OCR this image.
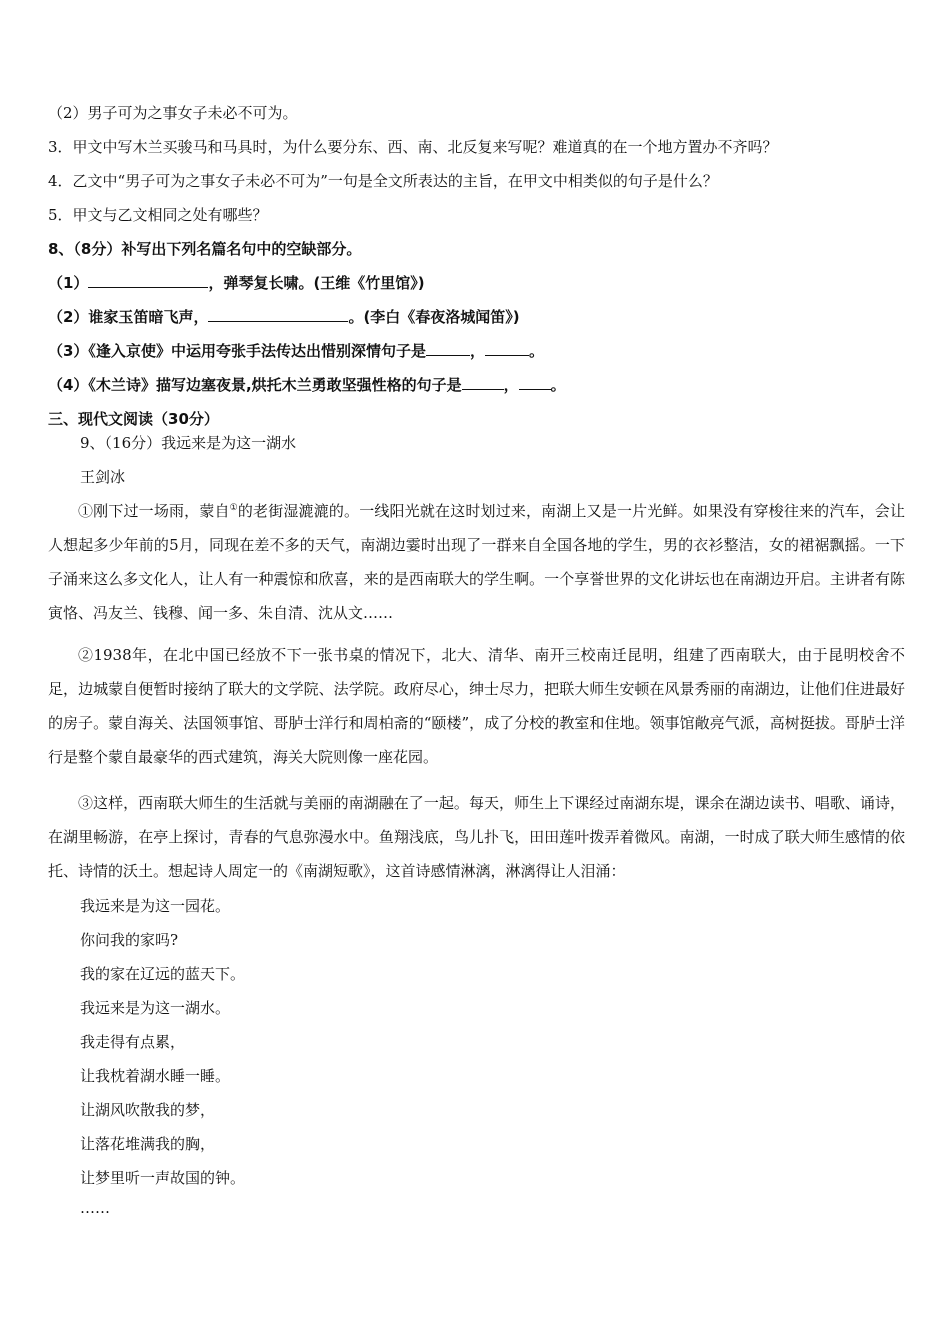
（2）男子可为之事女子未必不可为。
3．甲文中写木兰买骏马和马具时，为什么要分东、西、南、北反复来写呢？难道真的在一个地方置办不齐吗？
4．乙文中“男子可为之事女子未必不可为”一句是全文所表达的主旨，在甲文中相类似的句子是什么？
5．甲文与乙文相同之处有哪些？
8、（8分）补写出下列名篇名句中的空缺部分。
（1）	，弹琴复长啸。(王维《竹里馆》)
（2）谁家玉笛暗飞声，	。(李白《春夜洛城闻笛》)
（3）《逢入京使》中运用夸张手法传达出惜别深情句子是	，	。
（4）《木兰诗》描写边塞夜景,烘托木兰勇敢坚强性格的句子是	， 。
三、现代文阅读（30分）
9、（16分）我远来是为这一湖水
王剑冰
①刚下过一场雨，蒙自①的老街湿漉漉的。一线阳光就在这时划过来，南湖上又是一片光鲜。如果没有穿梭往来的汽车，会让人想起多少年前的5月，同现在差不多的天气，南湖边霎时出现了一群来自全国各地的学生，男的衣衫整洁，女的裙裾飘摇。一下子涌来这么多文化人，让人有一种震惊和欣喜，来的是西南联大的学生啊。一个享誉世界的文化讲坛也在南湖边开启。主讲者有陈寅恪、冯友兰、钱穆、闻一多、朱自清、沈从文……
②1938年，在北中国已经放不下一张书桌的情况下，北大、清华、南开三校南迁昆明，组建了西南联大，由于昆明校舍不足，边城蒙自便暂时接纳了联大的文学院、法学院。政府尽心，绅士尽力，把联大师生安顿在风景秀丽的南湖边，让他们住进最好的房子。蒙自海关、法国领事馆、哥胪士洋行和周柏斋的“颐楼”，成了分校的教室和住地。领事馆敞亮气派，高树挺拔。哥胪士洋行是整个蒙自最豪华的西式建筑，海关大院则像一座花园。
③这样，西南联大师生的生活就与美丽的南湖融在了一起。每天，师生上下课经过南湖东堤，课余在湖边读书、唱歌、诵诗，在湖里畅游，在亭上探讨，青春的气息弥漫水中。鱼翔浅底，鸟儿扑飞，田田莲叶拨弄着微风。南湖，一时成了联大师生感情的依托、诗情的沃土。想起诗人周定一的《南湖短歌》，这首诗感情淋漓，淋漓得让人泪涌：
我远来是为这一园花。
你问我的家吗?
我的家在辽远的蓝天下。
我远来是为这一湖水。
我走得有点累，
让我枕着湖水睡一睡。
让湖风吹散我的梦，
让落花堆满我的胸，
让梦里听一声故国的钟。
……
